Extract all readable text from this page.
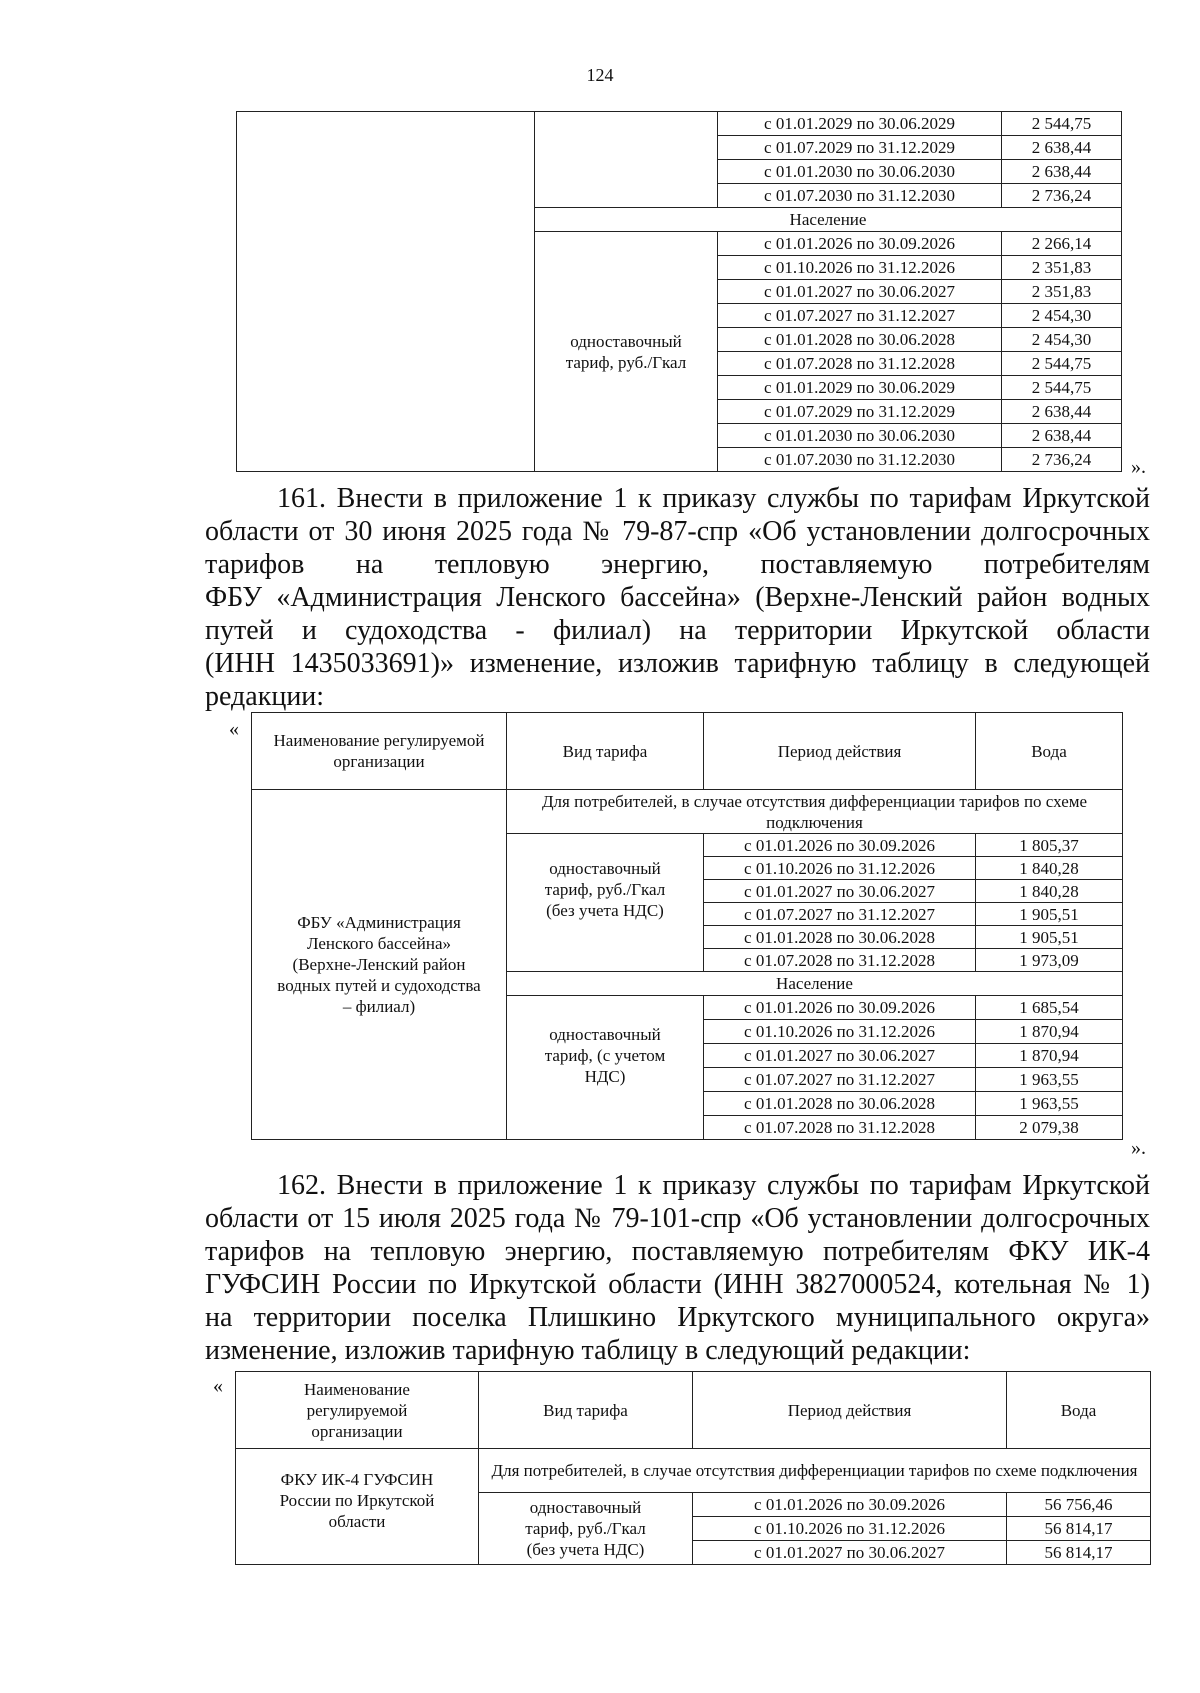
124
		с 01.01.2029 по 30.06.2029	2 544,75
		с 01.07.2029 по 31.12.2029	2 638,44
		с 01.01.2030 по 30.06.2030	2 638,44
		с 01.07.2030 по 31.12.2030	2 736,24
	Население		
	одноставочный тариф, руб./Гкал	с 01.01.2026 по 30.09.2026	2 266,14
		с 01.10.2026 по 31.12.2026	2 351,83
		с 01.01.2027 по 30.06.2027	2 351,83
		с 01.07.2027 по 31.12.2027	2 454,30
		с 01.01.2028 по 30.06.2028	2 454,30
		с 01.07.2028 по 31.12.2028	2 544,75
		с 01.01.2029 по 30.06.2029	2 544,75
		с 01.07.2029 по 31.12.2029	2 638,44
		с 01.01.2030 по 30.06.2030	2 638,44
		с 01.07.2030 по 31.12.2030	2 736,24 ».
161. Внести в приложение 1 к приказу службы по тарифам Иркутской
области от 30 июня 2025 года № 79-87-спр «Об установлении долгосрочных
тарифов на тепловую энергию, поставляемую потребителям
ФБУ «Администрация Ленского бассейна» (Верхне-Ленский район водных
путей и судоходства - филиал) на территории Иркутской области
(ИНН 1435033691)» изменение, изложив тарифную таблицу в следующей
редакции:
«
Наименование регулируемой организации	Вид тарифа	Период действия	Вода
ФБУ «Администрация Ленского бассейна» (Верхне-Ленский район водных путей и судоходства – филиал)	Для потребителей, в случае отсутствия дифференциации тарифов по схеме подключения		
	одноставочный тариф, руб./Гкал (без учета НДС)	с 01.01.2026 по 30.09.2026	1 805,37
		с 01.10.2026 по 31.12.2026	1 840,28
		с 01.01.2027 по 30.06.2027	1 840,28
		с 01.07.2027 по 31.12.2027	1 905,51
		с 01.01.2028 по 30.06.2028	1 905,51
		с 01.07.2028 по 31.12.2028	1 973,09
	Население		
	одноставочный тариф, (с учетом НДС)	с 01.01.2026 по 30.09.2026	1 685,54
		с 01.10.2026 по 31.12.2026	1 870,94
		с 01.01.2027 по 30.06.2027	1 870,94
		с 01.07.2027 по 31.12.2027	1 963,55
		с 01.01.2028 по 30.06.2028	1 963,55
		с 01.07.2028 по 31.12.2028	2 079,38
».
162. Внести в приложение 1 к приказу службы по тарифам Иркутской
области от 15 июля 2025 года № 79-101-спр «Об установлении долгосрочных
тарифов на тепловую энергию, поставляемую потребителям ФКУ ИК-4
ГУФСИН России по Иркутской области (ИНН 3827000524, котельная № 1)
на территории поселка Плишкино Иркутского муниципального округа»
изменение, изложив тарифную таблицу в следующий редакции:
«	Наименование регулируемой организации	Вид тарифа	Период действия	Вода
ФКУ ИК-4 ГУФСИН России по Иркутской области	Для потребителей, в случае отсутствия дифференциации тарифов по схеме подключения		
	одноставочный тариф, руб./Гкал (без учета НДС)	с 01.01.2026 по 30.09.2026	56 756,46
		с 01.10.2026 по 31.12.2026	56 814,17
		с 01.01.2027 по 30.06.2027	56 814,17
